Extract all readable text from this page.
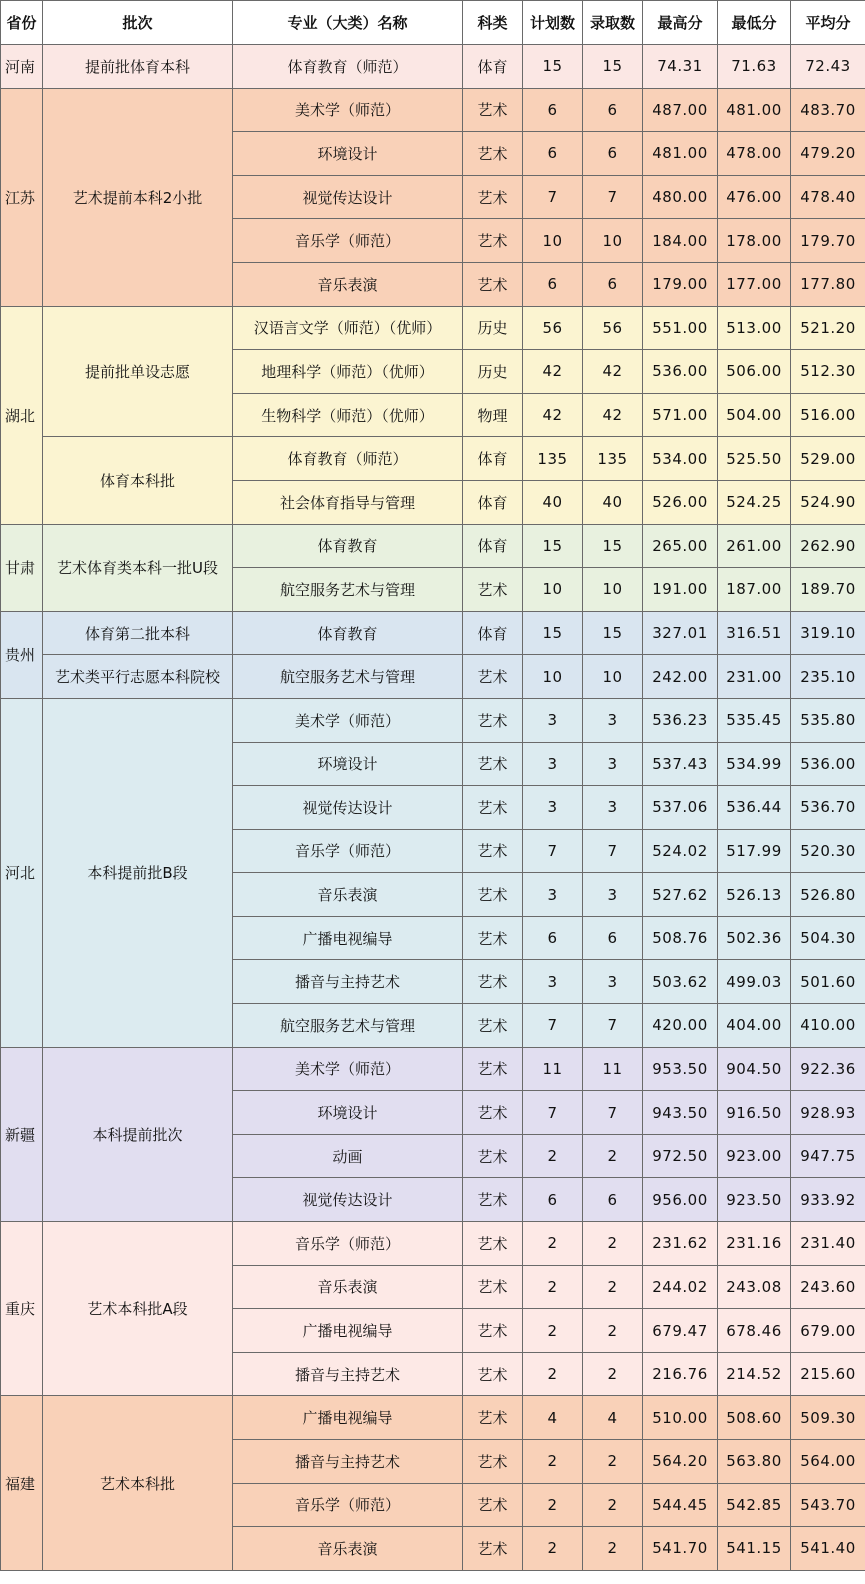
省份	批次	专业（大类）名称	科类	计划数	录取数	最高分	最低分	平均分
河南	提前批体育本科	体育教育（师范）	体育	15	15	74.31	71.63	72.43
江苏	艺术提前本科2小批	美术学（师范）	艺术	6	6	487.00	481.00	483.70
		环境设计	艺术	6	6	481.00	478.00	479.20
		视觉传达设计	艺术	7	7	480.00	476.00	478.40
		音乐学（师范）	艺术	10	10	184.00	178.00	179.70
		音乐表演	艺术	6	6	179.00	177.00	177.80
湖北	提前批单设志愿	汉语言文学（师范）（优师）	历史	56	56	551.00	513.00	521.20
		地理科学（师范）（优师）	历史	42	42	536.00	506.00	512.30
		生物科学（师范）（优师）	物理	42	42	571.00	504.00	516.00
	体育本科批	体育教育（师范）	体育	135	135	534.00	525.50	529.00
		社会体育指导与管理	体育	40	40	526.00	524.25	524.90
甘肃	艺术体育类本科一批U段	体育教育	体育	15	15	265.00	261.00	262.90
		航空服务艺术与管理	艺术	10	10	191.00	187.00	189.70
贵州	体育第二批本科	体育教育	体育	15	15	327.01	316.51	319.10
	艺术类平行志愿本科院校	航空服务艺术与管理	艺术	10	10	242.00	231.00	235.10
河北	本科提前批B段	美术学（师范）	艺术	3	3	536.23	535.45	535.80
		环境设计	艺术	3	3	537.43	534.99	536.00
		视觉传达设计	艺术	3	3	537.06	536.44	536.70
		音乐学（师范）	艺术	7	7	524.02	517.99	520.30
		音乐表演	艺术	3	3	527.62	526.13	526.80
		广播电视编导	艺术	6	6	508.76	502.36	504.30
		播音与主持艺术	艺术	3	3	503.62	499.03	501.60
		航空服务艺术与管理	艺术	7	7	420.00	404.00	410.00
新疆	本科提前批次	美术学（师范）	艺术	11	11	953.50	904.50	922.36
		环境设计	艺术	7	7	943.50	916.50	928.93
		动画	艺术	2	2	972.50	923.00	947.75
		视觉传达设计	艺术	6	6	956.00	923.50	933.92
重庆	艺术本科批A段	音乐学（师范）	艺术	2	2	231.62	231.16	231.40
		音乐表演	艺术	2	2	244.02	243.08	243.60
		广播电视编导	艺术	2	2	679.47	678.46	679.00
		播音与主持艺术	艺术	2	2	216.76	214.52	215.60
福建	艺术本科批	广播电视编导	艺术	4	4	510.00	508.60	509.30
		播音与主持艺术	艺术	2	2	564.20	563.80	564.00
		音乐学（师范）	艺术	2	2	544.45	542.85	543.70
		音乐表演	艺术	2	2	541.70	541.15	541.40
